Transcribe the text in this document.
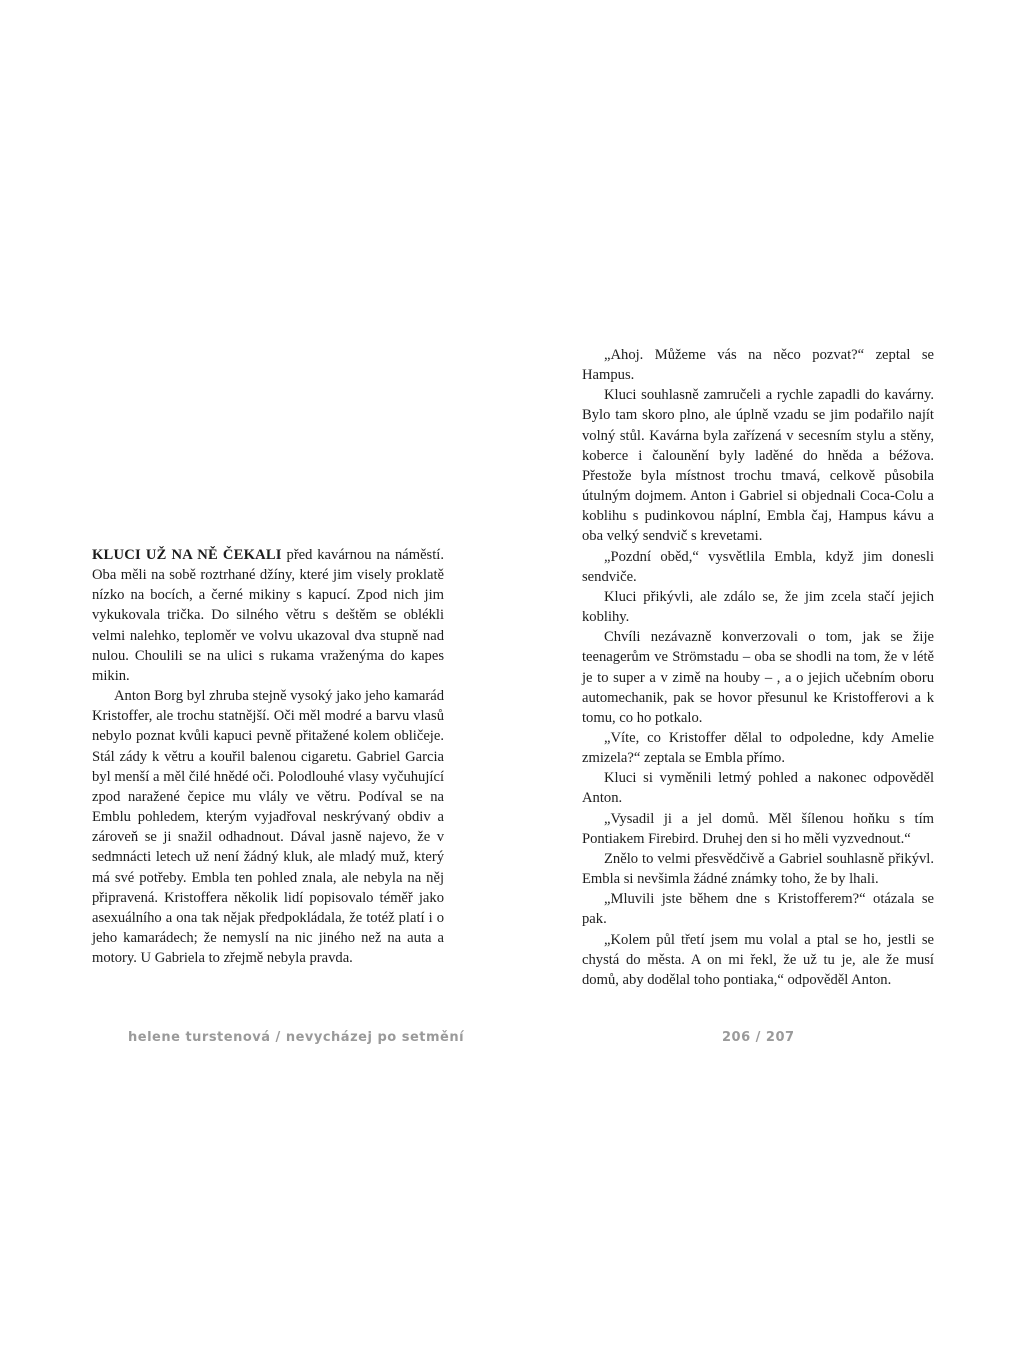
KLUCI UŽ NA NĚ ČEKALI před kavárnou na náměstí. Oba měli na sobě roztrhané džíny, které jim visely proklatě nízko na bocích, a černé mikiny s kapucí. Zpod nich jim vykukovala trička. Do silného větru s deštěm se oblékli velmi nalehko, teploměr ve volvu ukazoval dva stupně nad nulou. Choulili se na ulici s rukama vraženýma do kapes mikin.

Anton Borg byl zhruba stejně vysoký jako jeho kamarád Kristoffer, ale trochu statnější. Oči měl modré a barvu vlasů nebylo poznat kvůli kapuci pevně přitažené kolem obličeje. Stál zády k větru a kouřil balenou cigaretu. Gabriel Garcia byl menší a měl čilé hnědé oči. Polodlouhé vlasy vyčuhující zpod naražené čepice mu vlály ve větru. Podíval se na Emblu pohledem, kterým vyjadřoval neskrývaný obdiv a zároveň se ji snažil odhadnout. Dával jasně najevo, že v sedmnácti letech už není žádný kluk, ale mladý muž, který má své potřeby. Embla ten pohled znala, ale nebyla na něj připravená. Kristoffera několik lidí popisovalo téměř jako asexuálního a ona tak nějak předpokládala, že totéž platí i o jeho kamarádech; že nemyslí na nic jiného než na auta a motory. U Gabriela to zřejmě nebyla pravda.

„Ahoj. Můžeme vás na něco pozvat?“ zeptal se Hampus.

Kluci souhlasně zamručeli a rychle zapadli do kavárny. Bylo tam skoro plno, ale úplně vzadu se jim podařilo najít volný stůl. Kavárna byla zařízená v secesním stylu a stěny, koberce i čalounění byly laděné do hněda a béžova. Přestože byla místnost trochu tmavá, celkově působila útulným dojmem. Anton i Gabriel si objednali Coca-Colu a koblihu s pudinkovou náplní, Embla čaj, Hampus kávu a oba velký sendvič s krevetami.

„Pozdní oběd,“ vysvětlila Embla, když jim donesli sendviče.

Kluci přikývli, ale zdálo se, že jim zcela stačí jejich koblihy.

Chvíli nezávazně konverzovali o tom, jak se žije teenagerům ve Strömstadu – oba se shodli na tom, že v létě je to super a v zimě na houby – , a o jejich učebním oboru automechanik, pak se hovor přesunul ke Kristofferovi a k tomu, co ho potkalo.

„Víte, co Kristoffer dělal to odpoledne, kdy Amelie zmizela?“ zeptala se Embla přímo.

Kluci si vyměnili letmý pohled a nakonec odpověděl Anton.

„Vysadil ji a jel domů. Měl šílenou hoňku s tím Pontiakem Firebird. Druhej den si ho měli vyzvednout.“

Znělo to velmi přesvědčivě a Gabriel souhlasně přikývl. Embla si nevšimla žádné známky toho, že by lhali.

„Mluvili jste během dne s Kristofferem?“ otázala se pak.

„Kolem půl třetí jsem mu volal a ptal se ho, jestli se chystá do města. A on mi řekl, že už tu je, ale že musí domů, aby dodělal toho pontiaka,“ odpověděl Anton.

helene turstenová / nevycházej po setmění	206 / 207
